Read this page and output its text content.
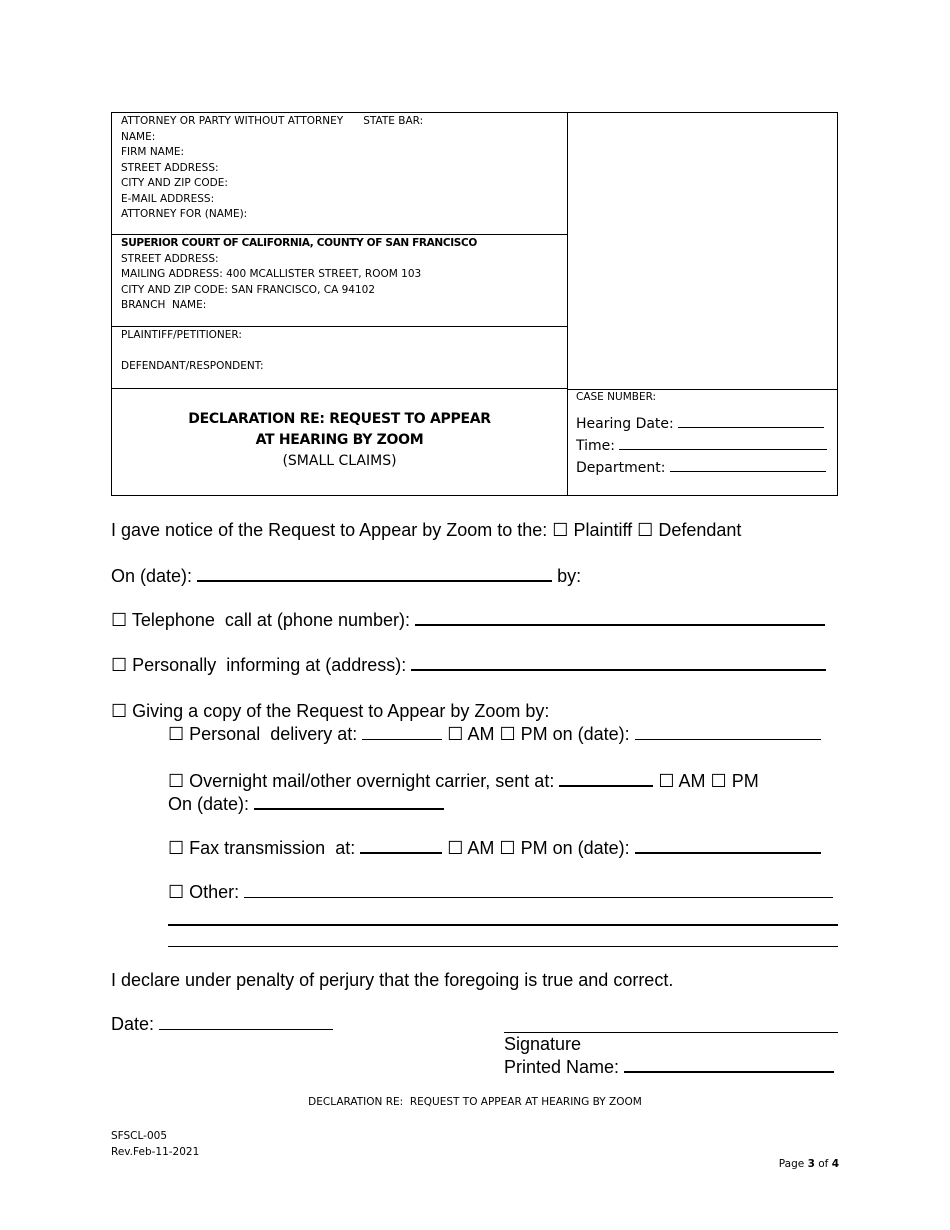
ATTORNEY OR PARTY WITHOUT ATTORNEY      STATE BAR:
NAME:
FIRM NAME:
STREET ADDRESS:
CITY AND ZIP CODE:
E-MAIL ADDRESS:
ATTORNEY FOR (NAME):
SUPERIOR COURT OF CALIFORNIA, COUNTY OF SAN FRANCISCO
STREET ADDRESS:
MAILING ADDRESS: 400 MCALLISTER STREET, ROOM 103
CITY AND ZIP CODE: SAN FRANCISCO, CA 94102
BRANCH  NAME:
PLAINTIFF/PETITIONER:
DEFENDANT/RESPONDENT:
DECLARATION RE: REQUEST TO APPEAR
AT HEARING BY ZOOM
(SMALL CLAIMS)
CASE NUMBER:
Hearing Date:
Time:
Department:
I gave notice of the Request to Appear by Zoom to the: ☐ Plaintiff ☐ Defendant
On (date):	by:
☐ Telephone  call at (phone number):
☐ Personally  informing at (address):
☐ Giving a copy of the Request to Appear by Zoom by:
☐ Personal  delivery at:	☐ AM ☐ PM on (date):
☐ Overnight mail/other overnight carrier, sent at:	☐ AM ☐ PM
On (date):
☐ Fax transmission  at:	☐ AM ☐ PM on (date):
☐ Other:
I declare under penalty of perjury that the foregoing is true and correct.
Date:
Signature
Printed Name:
DECLARATION RE:  REQUEST TO APPEAR AT HEARING BY ZOOM
SFSCL-005
Rev.Feb-11-2021
Page 3 of 4
